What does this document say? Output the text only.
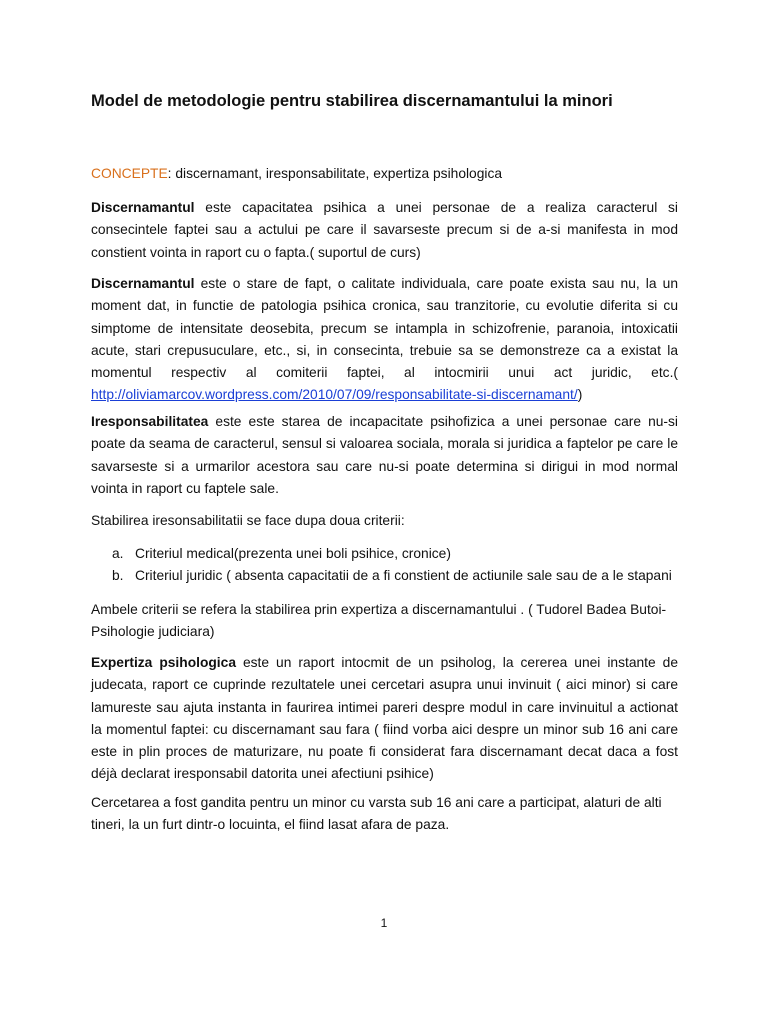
Model de metodologie pentru stabilirea discernamantului la minori
CONCEPTE: discernamant, iresponsabilitate, expertiza psihologica
Discernamantul este capacitatea psihica a unei personae de a realiza caracterul si consecintele faptei sau a actului pe care il savarseste precum si de a-si manifesta in mod constient vointa in raport cu o fapta.( suportul de curs)
Discernamantul este o stare de fapt, o calitate individuala, care poate exista sau nu, la un moment dat, in functie de patologia psihica cronica, sau tranzitorie, cu evolutie diferita si cu simptome de intensitate deosebita, precum se intampla in schizofrenie, paranoia, intoxicatii acute, stari crepusuculare, etc., si, in consecinta, trebuie sa se demonstreze ca a existat la momentul respectiv al comiterii faptei, al intocmirii unui act juridic, etc.( http://oliviamarcov.wordpress.com/2010/07/09/responsabilitate-si-discernamant/)
Iresponsabilitatea este este starea de incapacitate psihofizica a unei personae care nu-si poate da seama de caracterul, sensul si valoarea sociala, morala si juridica a faptelor pe care le savarseste si a urmarilor acestora sau care nu-si poate determina si dirigui in mod normal vointa in raport cu faptele sale.
Stabilirea iresonsabilitatii se face dupa doua criterii:
a. Criteriul medical(prezenta unei boli psihice, cronice)
b. Criteriul juridic ( absenta capacitatii de a fi constient de actiunile sale sau de a le stapani
Ambele criterii se refera la stabilirea prin expertiza a discernamantului . ( Tudorel Badea Butoi-Psihologie judiciara)
Expertiza psihologica este un raport intocmit de un psiholog, la cererea unei instante de judecata, raport ce cuprinde rezultatele unei cercetari asupra unui invinuit ( aici minor) si care lamureste sau ajuta instanta in faurirea intimei pareri despre modul in care invinuitul a actionat la momentul faptei: cu discernamant sau fara ( fiind vorba aici despre un minor sub 16 ani care este in plin proces de maturizare, nu poate fi considerat fara discernamant decat daca a fost déjà declarat iresponsabil datorita unei afectiuni psihice)
Cercetarea a fost gandita pentru un minor cu varsta sub 16 ani care a participat, alaturi de alti tineri, la un furt dintr-o locuinta, el fiind lasat afara de paza.
1
